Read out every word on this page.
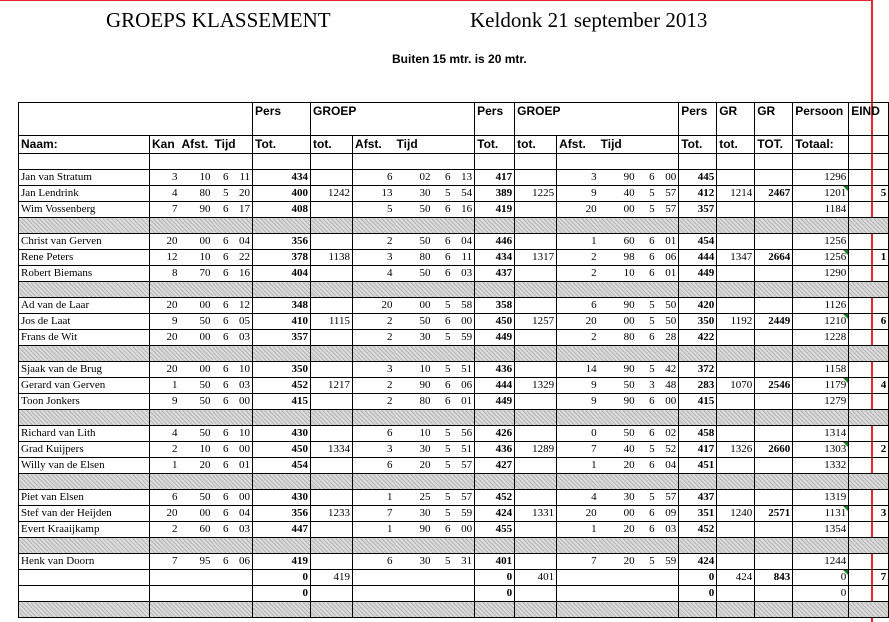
GROEPS KLASSEMENT	Keldonk 21 september 2013
Buiten 15 mtr. is 20 mtr.
					Pers	GROEP					Pers	GROEP					Pers	GR	GR	Persoon	EIND
Naam:	Kan	Afst.	Tijd		Tot.	tot.	Afst.	Tijd			Tot.	tot.	Afst.	Tijd			Tot.	tot.	TOT.	Totaal:	

Jan van Stratum	3	10	6	11	434		6	02	6	13	417		3	90	6	00	445			1296	
Jan Lendrink	4	80	5	20	400	1242	13	30	5	54	389	1225	9	40	5	57	412	1214	2467	1201	5
Wim Vossenberg	7	90	6	17	408		5	50	6	16	419		20	00	5	57	357			1184	

Christ van Gerven	20	00	6	04	356		2	50	6	04	446		1	60	6	01	454			1256	
Rene Peters	12	10	6	22	378	1138	3	80	6	11	434	1317	2	98	6	06	444	1347	2664	1256	1
Robert Biemans	8	70	6	16	404		4	50	6	03	437		2	10	6	01	449			1290	

Ad van de Laar	20	00	6	12	348		20	00	5	58	358		6	90	5	50	420			1126	
Jos de Laat	9	50	6	05	410	1115	2	50	6	00	450	1257	20	00	5	50	350	1192	2449	1210	6
Frans de Wit	20	00	6	03	357		2	30	5	59	449		2	80	6	28	422			1228	

Sjaak van de Brug	20	00	6	10	350		3	10	5	51	436		14	90	5	42	372			1158	
Gerard van Gerven	1	50	6	03	452	1217	2	90	6	06	444	1329	9	50	3	48	283	1070	2546	1179	4
Toon Jonkers	9	50	6	00	415		2	80	6	01	449		9	90	6	00	415			1279	

Richard van Lith	4	50	6	10	430		6	10	5	56	426		0	50	6	02	458			1314	
Grad Kuijpers	2	10	6	00	450	1334	3	30	5	51	436	1289	7	40	5	52	417	1326	2660	1303	2
Willy van de Elsen	1	20	6	01	454		6	20	5	57	427		1	20	6	04	451			1332	

Piet van Elsen	6	50	6	00	430		1	25	5	57	452		4	30	5	57	437			1319	
Stef van der Heijden	20	00	6	04	356	1233	7	30	5	59	424	1331	20	00	6	09	351	1240	2571	1131	3
Evert Kraaijkamp	2	60	6	03	447		1	90	6	00	455		1	20	6	03	452			1354	

Henk van Doorn	7	95	6	06	419		6	30	5	31	401		7	20	5	59	424			1244	
					0	419					0	401					0	424	843	0	7
					0						0						0			0	
